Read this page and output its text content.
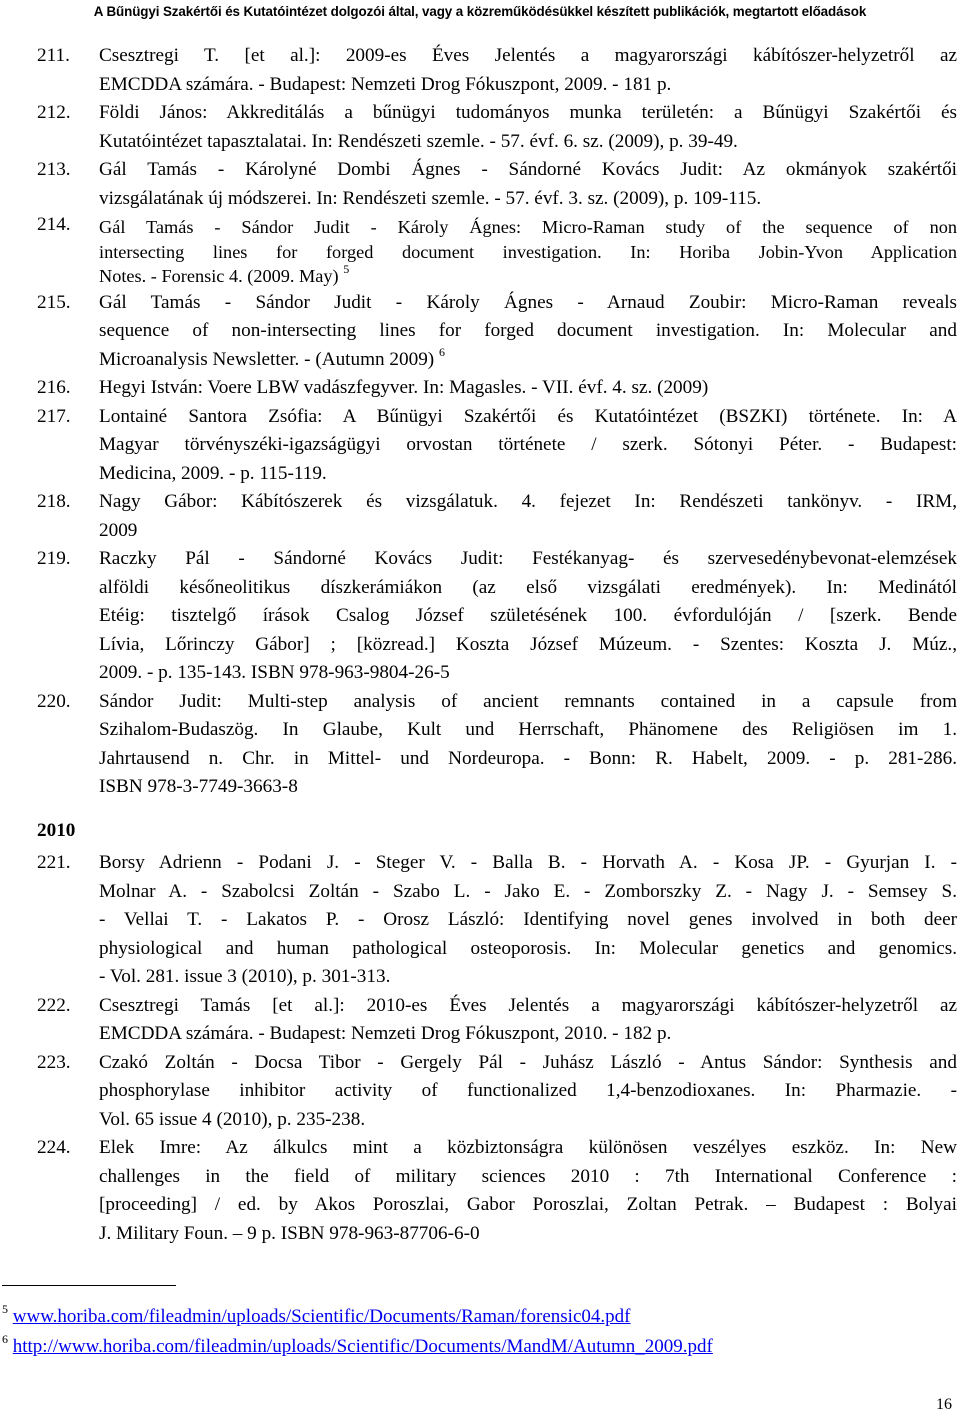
A Bűnügyi Szakértői és Kutatóintézet dolgozói által, vagy a közreműködésükkel készített publikációk, megtartott előadások
211. Csesztregi T. [et al.]: 2009-es Éves Jelentés a magyarországi kábítószer-helyzetről az
EMCDDA számára. - Budapest: Nemzeti Drog Fókuszpont, 2009. - 181 p.
212. Földi János: Akkreditálás a bűnügyi tudományos munka területén: a Bűnügyi Szakértői és
Kutatóintézet tapasztalatai. In: Rendészeti szemle. - 57. évf. 6. sz. (2009), p. 39-49.
213. Gál Tamás - Károlyné Dombi Ágnes - Sándorné Kovács Judit: Az okmányok szakértői
vizsgálatának új módszerei. In: Rendészeti szemle. - 57. évf. 3. sz. (2009), p. 109-115.
214. Gál Tamás - Sándor Judit - Károly Ágnes: Micro-Raman study of the sequence of non
intersecting lines for forged document investigation. In: Horiba Jobin-Yvon Application
Notes. - Forensic 4. (2009. May) $^5$
215. Gál Tamás - Sándor Judit - Károly Ágnes - Arnaud Zoubir: Micro-Raman reveals
sequence of non-intersecting lines for forged document investigation. In: Molecular and
Microanalysis Newsletter. - (Autumn 2009) $^6$
216. Hegyi István: Voere LBW vadászfegyver. In: Magasles. - VII. évf. 4. sz. (2009)
217. Lontainé Santora Zsófia: A Bűnügyi Szakértői és Kutatóintézet (BSZKI) története. In: A
Magyar törvényszéki-igazságügyi orvostan története / szerk. Sótonyi Péter. - Budapest:
Medicina, 2009. - p. 115-119.
218. Nagy Gábor: Kábítószerek és vizsgálatuk. 4. fejezet In: Rendészeti tankönyv. - IRM,
2009
219. Raczky Pál - Sándorné Kovács Judit: Festékanyag- és szervesedénybevonat-elemzések
alföldi későneolitikus díszkerámiákon (az első vizsgálati eredmények). In: Medinától
Etéig: tisztelgő írások Csalog József születésének 100. évfordulóján / [szerk. Bende
Lívia, Lőrinczy Gábor] ; [közread.] Koszta József Múzeum. - Szentes: Koszta J. Múz.,
2009. - p. 135-143. ISBN 978-963-9804-26-5
220. Sándor Judit: Multi-step analysis of ancient remnants contained in a capsule from
Szihalom-Budaszög. In Glaube, Kult und Herrschaft, Phänomene des Religiösen im 1.
Jahrtausend n. Chr. in Mittel- und Nordeuropa. - Bonn: R. Habelt, 2009. - p. 281-286.
ISBN 978-3-7749-3663-8
2010
221. Borsy Adrienn - Podani J. - Steger V. - Balla B. - Horvath A. - Kosa JP. - Gyurjan I. -
Molnar A. - Szabolcsi Zoltán - Szabo L. - Jako E. - Zomborszky Z. - Nagy J. - Semsey S.
- Vellai T. - Lakatos P. - Orosz László: Identifying novel genes involved in both deer
physiological and human pathological osteoporosis. In: Molecular genetics and genomics.
- Vol. 281. issue 3 (2010), p. 301-313.
222. Csesztregi Tamás [et al.]: 2010-es Éves Jelentés a magyarországi kábítószer-helyzetről az
EMCDDA számára. - Budapest: Nemzeti Drog Fókuszpont, 2010. - 182 p.
223. Czakó Zoltán - Docsa Tibor - Gergely Pál - Juhász László - Antus Sándor: Synthesis and
phosphorylase inhibitor activity of functionalized 1,4-benzodioxanes. In: Pharmazie. -
Vol. 65 issue 4 (2010), p. 235-238.
224. Elek Imre: Az álkulcs mint a közbiztonságra különösen veszélyes eszköz. In: New
challenges in the field of military sciences 2010 : 7th International Conference :
[proceeding] / ed. by Akos Poroszlai, Gabor Poroszlai, Zoltan Petrak. – Budapest : Bolyai
J. Military Foun. – 9 p. ISBN 978-963-87706-6-0
$^5$ www.horiba.com/fileadmin/uploads/Scientific/Documents/Raman/forensic04.pdf
$^6$ http://www.horiba.com/fileadmin/uploads/Scientific/Documents/MandM/Autumn_2009.pdf
16
